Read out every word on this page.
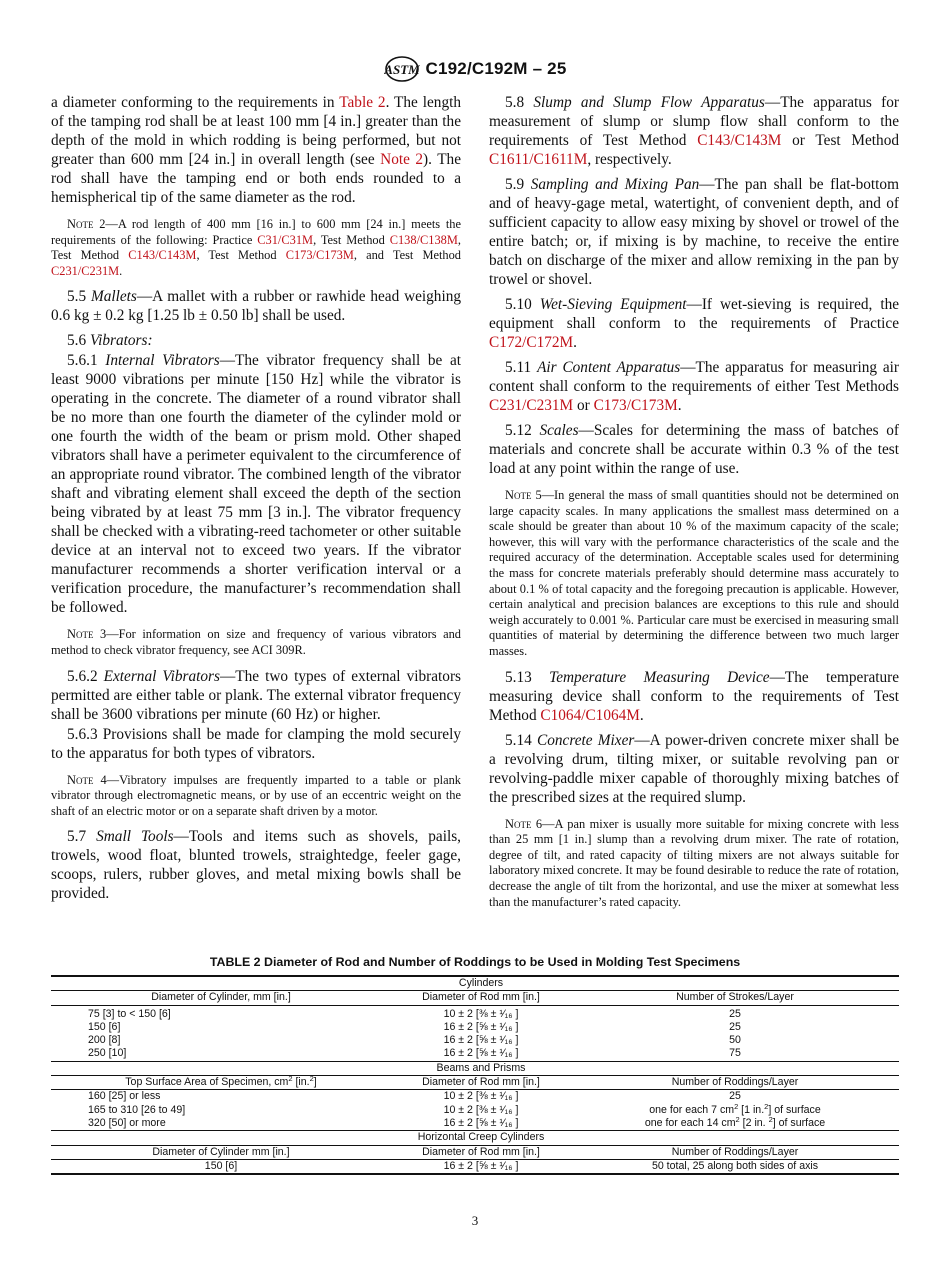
ASTM C192/C192M – 25

a diameter conforming to the requirements in Table 2. The length of the tamping rod shall be at least 100 mm [4 in.] greater than the depth of the mold in which rodding is being performed, but not greater than 600 mm [24 in.] in overall length (see Note 2). The rod shall have the tamping end or both ends rounded to a hemispherical tip of the same diameter as the rod.

Note 2—A rod length of 400 mm [16 in.] to 600 mm [24 in.] meets the requirements of the following: Practice C31/C31M, Test Method C138/C138M, Test Method C143/C143M, Test Method C173/C173M, and Test Method C231/C231M.

5.5 Mallets—A mallet with a rubber or rawhide head weighing 0.6 kg ± 0.2 kg [1.25 lb ± 0.50 lb] shall be used.

5.6 Vibrators:

5.6.1 Internal Vibrators—The vibrator frequency shall be at least 9000 vibrations per minute [150 Hz] while the vibrator is operating in the concrete. The diameter of a round vibrator shall be no more than one fourth the diameter of the cylinder mold or one fourth the width of the beam or prism mold. Other shaped vibrators shall have a perimeter equivalent to the circumference of an appropriate round vibrator. The combined length of the vibrator shaft and vibrating element shall exceed the depth of the section being vibrated by at least 75 mm [3 in.]. The vibrator frequency shall be checked with a vibrating-reed tachometer or other suitable device at an interval not to exceed two years. If the vibrator manufacturer recommends a shorter verification interval or a verification procedure, the manufacturer’s recommendation shall be followed.

Note 3—For information on size and frequency of various vibrators and method to check vibrator frequency, see ACI 309R.

5.6.2 External Vibrators—The two types of external vibrators permitted are either table or plank. The external vibrator frequency shall be 3600 vibrations per minute (60 Hz) or higher.

5.6.3 Provisions shall be made for clamping the mold securely to the apparatus for both types of vibrators.

Note 4—Vibratory impulses are frequently imparted to a table or plank vibrator through electromagnetic means, or by use of an eccentric weight on the shaft of an electric motor or on a separate shaft driven by a motor.

5.7 Small Tools—Tools and items such as shovels, pails, trowels, wood float, blunted trowels, straightedge, feeler gage, scoops, rulers, rubber gloves, and metal mixing bowls shall be provided.

5.8 Slump and Slump Flow Apparatus—The apparatus for measurement of slump or slump flow shall conform to the requirements of Test Method C143/C143M or Test Method C1611/C1611M, respectively.

5.9 Sampling and Mixing Pan—The pan shall be flat-bottom and of heavy-gage metal, watertight, of convenient depth, and of sufficient capacity to allow easy mixing by shovel or trowel of the entire batch; or, if mixing is by machine, to receive the entire batch on discharge of the mixer and allow remixing in the pan by trowel or shovel.

5.10 Wet-Sieving Equipment—If wet-sieving is required, the equipment shall conform to the requirements of Practice C172/C172M.

5.11 Air Content Apparatus—The apparatus for measuring air content shall conform to the requirements of either Test Methods C231/C231M or C173/C173M.

5.12 Scales—Scales for determining the mass of batches of materials and concrete shall be accurate within 0.3 % of the test load at any point within the range of use.

Note 5—In general the mass of small quantities should not be determined on large capacity scales. In many applications the smallest mass determined on a scale should be greater than about 10 % of the maximum capacity of the scale; however, this will vary with the performance characteristics of the scale and the required accuracy of the determination. Acceptable scales used for determining the mass for concrete materials preferably should determine mass accurately to about 0.1 % of total capacity and the foregoing precaution is applicable. However, certain analytical and precision balances are exceptions to this rule and should weigh accurately to 0.001 %. Particular care must be exercised in measuring small quantities of material by determining the difference between two much larger masses.

5.13 Temperature Measuring Device—The temperature measuring device shall conform to the requirements of Test Method C1064/C1064M.

5.14 Concrete Mixer—A power-driven concrete mixer shall be a revolving drum, tilting mixer, or suitable revolving pan or revolving-paddle mixer capable of thoroughly mixing batches of the prescribed sizes at the required slump.

Note 6—A pan mixer is usually more suitable for mixing concrete with less than 25 mm [1 in.] slump than a revolving drum mixer. The rate of rotation, degree of tilt, and rated capacity of tilting mixers are not always suitable for laboratory mixed concrete. It may be found desirable to reduce the rate of rotation, decrease the angle of tilt from the horizontal, and use the mixer at somewhat less than the manufacturer’s rated capacity.

TABLE 2 Diameter of Rod and Number of Roddings to be Used in Molding Test Specimens
	Cylinders	
Diameter of Cylinder, mm [in.]	Diameter of Rod mm [in.]	Number of Strokes/Layer

75 [3] to < 150 [6]	10 ± 2 [⅜ ± ¹⁄₁₆ ]	25
150 [6]	16 ± 2 [⅝ ± ¹⁄₁₆ ]	25
200 [8]	16 ± 2 [⅝ ± ¹⁄₁₆ ]	50
250 [10]	16 ± 2 [⅝ ± ¹⁄₁₆ ]	75
	Beams and Prisms	
Top Surface Area of Specimen, $cm^2$ [in.$^2$]	Diameter of Rod mm [in.]	Number of Roddings/Layer
160 [25] or less	10 ± 2 [⅜ ± ¹⁄₁₆ ]	25
165 to 310 [26 to 49]	10 ± 2 [⅜ ± ¹⁄₁₆ ]	one for each 7 $cm^2$ [1 in.$^2$] of surface
320 [50] or more	16 ± 2 [⅝ ± ¹⁄₁₆ ]	one for each 14 $cm^2$ [2 in. $^2$] of surface
	Horizontal Creep Cylinders	
Diameter of Cylinder mm [in.]	Diameter of Rod mm [in.]	Number of Roddings/Layer
150 [6]	16 ± 2 [⅝ ± ¹⁄₁₆ ]	50 total, 25 along both sides of axis
3
